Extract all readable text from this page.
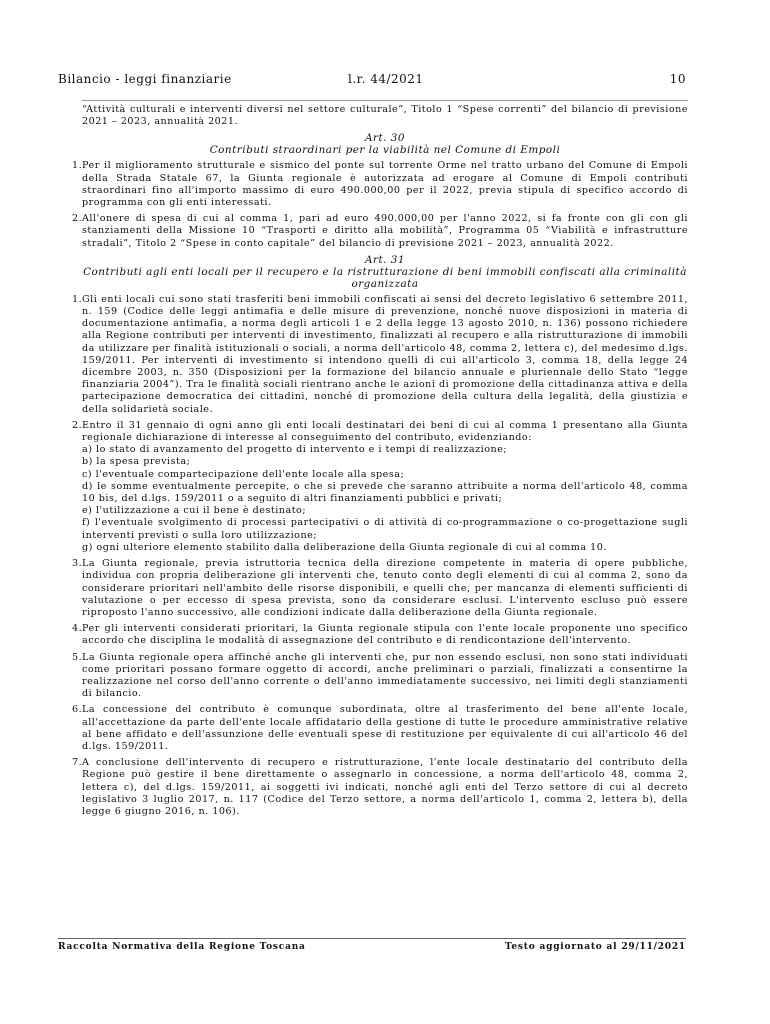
Bilancio - leggi finanziarie	l.r. 44/2021	10

“Attività culturali e interventi diversi nel settore culturale”, Titolo 1 “Spese correnti” del bilancio di previsione 2021 – 2023, annualità 2021.

Art. 30
Contributi straordinari per la viabilità nel Comune di Empoli
1. Per il miglioramento strutturale e sismico del ponte sul torrente Orme nel tratto urbano del Comune di Empoli della Strada Statale 67, la Giunta regionale è autorizzata ad erogare al Comune di Empoli contributi straordinari fino all'importo massimo di euro 490.000,00 per il 2022, previa stipula di specifico accordo di programma con gli enti interessati.
2. All'onere di spesa di cui al comma 1, pari ad euro 490.000,00 per l'anno 2022, si fa fronte con gli con gli stanziamenti della Missione 10 “Trasporti e diritto alla mobilità”, Programma 05 “Viabilità e infrastrutture stradali”, Titolo 2 “Spese in conto capitale” del bilancio di previsione 2021 – 2023, annualità 2022.
Art. 31
Contributi agli enti locali per il recupero e la ristrutturazione di beni immobili confiscati alla criminalità organizzata
1. Gli enti locali cui sono stati trasferiti beni immobili confiscati ai sensi del decreto legislativo 6 settembre 2011, n. 159 (Codice delle leggi antimafia e delle misure di prevenzione, nonché nuove disposizioni in materia di documentazione antimafia, a norma degli articoli 1 e 2 della legge 13 agosto 2010, n. 136) possono richiedere alla Regione contributi per interventi di investimento, finalizzati al recupero e alla ristrutturazione di immobili da utilizzare per finalità istituzionali o sociali, a norma dell'articolo 48, comma 2, lettera c), del medesimo d.lgs. 159/2011. Per interventi di investimento si intendono quelli di cui all'articolo 3, comma 18, della legge 24 dicembre 2003, n. 350 (Disposizioni per la formazione del bilancio annuale e pluriennale dello Stato “legge finanziaria 2004”). Tra le finalità sociali rientrano anche le azioni di promozione della cittadinanza attiva e della partecipazione democratica dei cittadini, nonché di promozione della cultura della legalità, della giustizia e della solidarietà sociale.
2. Entro il 31 gennaio di ogni anno gli enti locali destinatari dei beni di cui al comma 1 presentano alla Giunta regionale dichiarazione di interesse al conseguimento del contributo, evidenziando:
a) lo stato di avanzamento del progetto di intervento e i tempi di realizzazione;
b) la spesa prevista;
c) l'eventuale compartecipazione dell'ente locale alla spesa;
d) le somme eventualmente percepite, o che si prevede che saranno attribuite a norma dell'articolo 48, comma 10 bis, del d.lgs. 159/2011 o a seguito di altri finanziamenti pubblici e privati;
e) l'utilizzazione a cui il bene è destinato;
f) l'eventuale svolgimento di processi partecipativi o di attività di co-programmazione o co-progettazione sugli interventi previsti o sulla loro utilizzazione;
g) ogni ulteriore elemento stabilito dalla deliberazione della Giunta regionale di cui al comma 10.
3. La Giunta regionale, previa istruttoria tecnica della direzione competente in materia di opere pubbliche, individua con propria deliberazione gli interventi che, tenuto conto degli elementi di cui al comma 2, sono da considerare prioritari nell'ambito delle risorse disponibili, e quelli che, per mancanza di elementi sufficienti di valutazione o per eccesso di spesa prevista, sono da considerare esclusi. L'intervento escluso può essere riproposto l'anno successivo, alle condizioni indicate dalla deliberazione della Giunta regionale.
4. Per gli interventi considerati prioritari, la Giunta regionale stipula con l'ente locale proponente uno specifico accordo che disciplina le modalità di assegnazione del contributo e di rendicontazione dell'intervento.
5. La Giunta regionale opera affinché anche gli interventi che, pur non essendo esclusi, non sono stati individuati come prioritari possano formare oggetto di accordi, anche preliminari o parziali, finalizzati a consentirne la realizzazione nel corso dell'anno corrente o dell'anno immediatamente successivo, nei limiti degli stanziamenti di bilancio.
6. La concessione del contributo è comunque subordinata, oltre al trasferimento del bene all'ente locale, all'accettazione da parte dell'ente locale affidatario della gestione di tutte le procedure amministrative relative al bene affidato e dell'assunzione delle eventuali spese di restituzione per equivalente di cui all'articolo 46 del d.lgs. 159/2011.
7. A conclusione dell'intervento di recupero e ristrutturazione, l'ente locale destinatario del contributo della Regione può gestire il bene direttamente o assegnarlo in concessione, a norma dell'articolo 48, comma 2, lettera c), del d.lgs. 159/2011, ai soggetti ivi indicati, nonché agli enti del Terzo settore di cui al decreto legislativo 3 luglio 2017, n. 117 (Codice del Terzo settore, a norma dell'articolo 1, comma 2, lettera b), della legge 6 giugno 2016, n. 106).
Raccolta Normativa della Regione Toscana	Testo aggiornato al 29/11/2021
